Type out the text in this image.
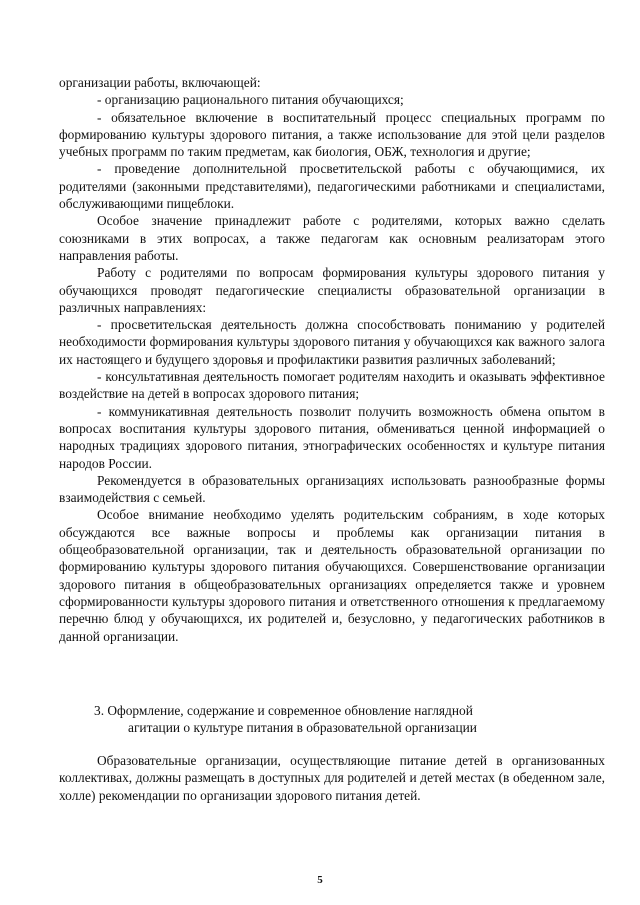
организации работы, включающей:

- организацию рационального питания обучающихся;

- обязательное включение в воспитательный процесс специальных программ по формированию культуры здорового питания, а также использование для этой цели разделов учебных программ по таким предметам, как биология, ОБЖ, технология и другие;

- проведение дополнительной просветительской работы с обучающимися, их родителями (законными представителями), педагогическими работниками и специалистами, обслуживающими пищеблоки.

Особое значение принадлежит работе с родителями, которых важно сделать союзниками в этих вопросах, а также педагогам как основным реализаторам этого направления работы.

Работу с родителями по вопросам формирования культуры здорового питания у обучающихся проводят педагогические специалисты образовательной организации в различных направлениях:

- просветительская деятельность должна способствовать пониманию у родителей необходимости формирования культуры здорового питания у обучающихся как важного залога их настоящего и будущего здоровья и профилактики развития различных заболеваний;

- консультативная деятельность помогает родителям находить и оказывать эффективное воздействие на детей в вопросах здорового питания;

- коммуникативная деятельность позволит получить возможность обмена опытом в вопросах воспитания культуры здорового питания, обмениваться ценной информацией о народных традициях здорового питания, этнографических особенностях и культуре питания народов России.

Рекомендуется в образовательных организациях использовать разнообразные формы взаимодействия с семьей.

Особое внимание необходимо уделять родительским собраниям, в ходе которых обсуждаются все важные вопросы и проблемы как организации питания в общеобразовательной организации, так и деятельность образовательной организации по формированию культуры здорового питания обучающихся. Совершенствование организации здорового питания в общеобразовательных организациях определяется также и уровнем сформированности культуры здорового питания и ответственного отношения к предлагаемому перечню блюд у обучающихся, их родителей и, безусловно, у педагогических работников в данной организации.

3. Оформление, содержание и современное обновление наглядной
агитации о культуре питания в образовательной организации

Образовательные организации, осуществляющие питание детей в организованных коллективах, должны размещать в доступных для родителей и детей местах (в обеденном зале, холле) рекомендации по организации здорового питания детей.

5
